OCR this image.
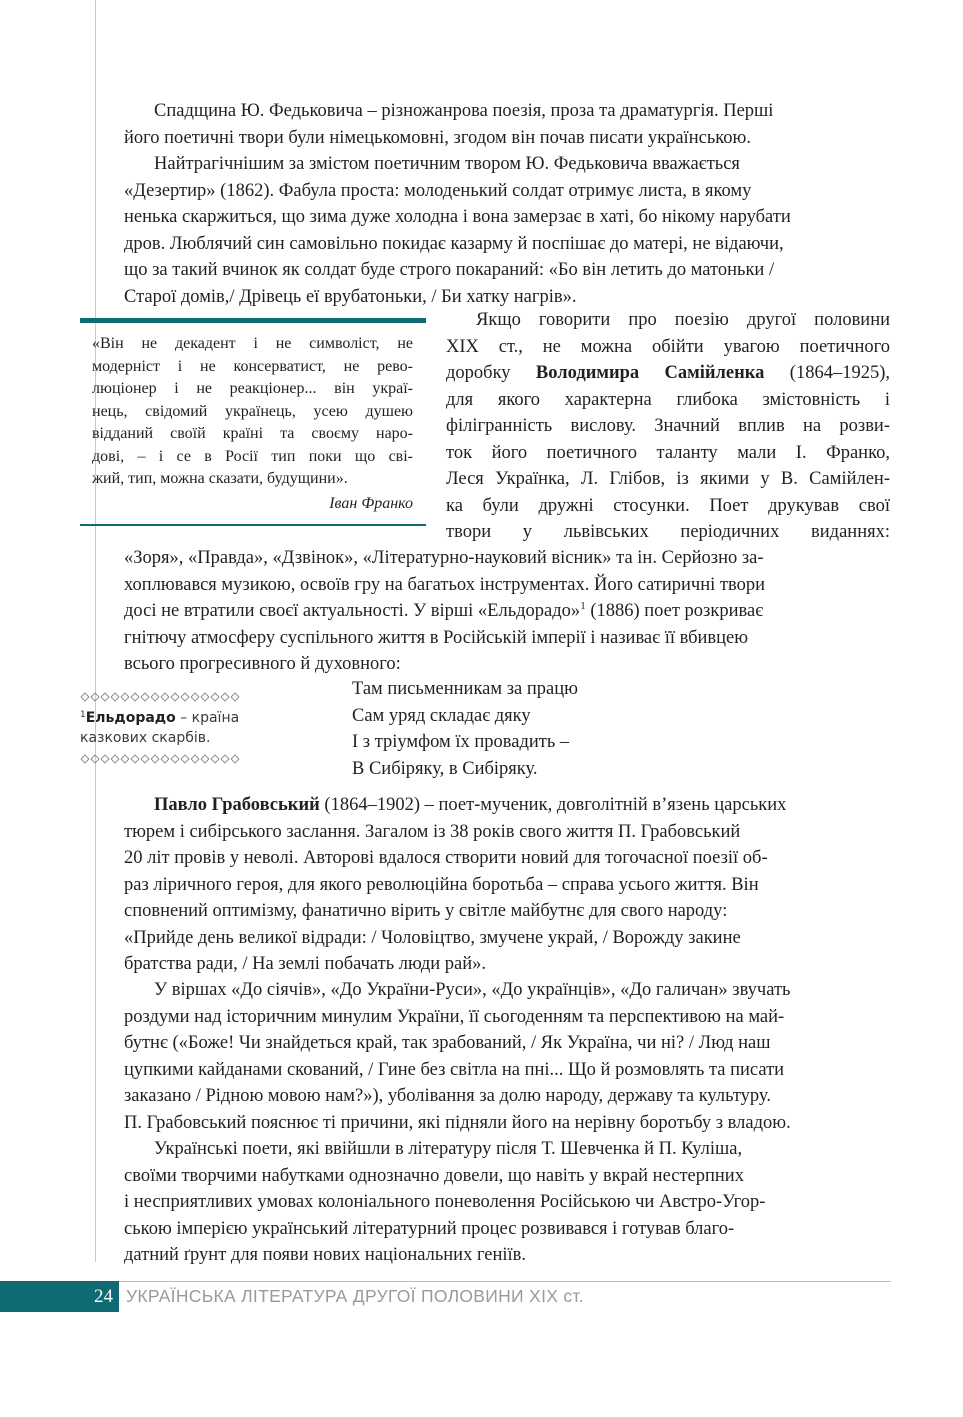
Спадщина Ю. Федьковича – різножанрова поезія, проза та драматургія. Перші
його поетичні твори були німецькомовні, згодом він почав писати українською.
Найтрагічнішим за змістом поетичним твором Ю. Федьковича вважається
«Дезертир» (1862). Фабула проста: молоденький солдат отримує листа, в якому
ненька скаржиться, що зима дуже холодна і вона замерзає в хаті, бо нікому нарубати
дров. Люблячий син самовільно покидає казарму й поспішає до матері, не відаючи,
що за такий вчинок як солдат буде строго покараний: «Бо він летить до матоньки /
Старої домів,/ Дрівець еї врубатоньки, / Би хатку нагрів».
«Він не декадент і не символіст, не
модерніст і не консерватист, не рево-
люціонер і не реакціонер... він украї-
нець, свідомий українець, усею душею
відданий своїй країні та своєму наро-
дові, – і се в Росії тип поки що сві-
жий, тип, можна сказати, будущини».
Іван Франко
Якщо говорити про поезію другої половини
XIX ст., не можна обійти увагою поетичного
доробку Володимира Самійленка (1864–1925),
для якого характерна глибока змістовність і
філігранність вислову. Значний вплив на розви-
ток його поетичного таланту мали І. Франко,
Леся Українка, Л. Глібов, із якими у В. Самійлен-
ка були дружні стосунки. Поет друкував свої
твори у львівських періодичних виданнях:
«Зоря», «Правда», «Дзвінок», «Літературно-науковий вісник» та ін. Серйозно за-
хоплювався музикою, освоїв гру на багатьох інструментах. Його сатиричні твори
досі не втратили своєї актуальності. У вірші «Ельдорадо»$^1$ (1886) поет розкриває
гнітючу атмосферу суспільного життя в Російській імперії і називає її вбивцею
всього прогресивного й духовного:
$^1$Ельдорадо – країна казкових скарбів.
Там письменникам за працю
Сам уряд складає дяку
І з тріумфом їх провадить –
В Сибіряку, в Сибіряку.
Павло Грабовський (1864–1902) – поет-мученик, довголітній в’язень царських
тюрем і сибірського заслання. Загалом із 38 років свого життя П. Грабовський
20 літ провів у неволі. Авторові вдалося створити новий для тогочасної поезії об-
раз ліричного героя, для якого революційна боротьба – справа усього життя. Він
сповнений оптимізму, фанатично вірить у світле майбутнє для свого народу:
«Прийде день великої відради: / Чоловіцтво, змучене украй, / Ворожду закине
братства ради, / На землі побачать люди рай».
У віршах «До сіячів», «До України-Руси», «До українців», «До галичан» звучать
роздуми над історичним минулим України, її сьогоденням та перспективою на май-
бутнє («Боже! Чи знайдеться край, так зрабований, / Як Україна, чи ні? / Люд наш
цупкими кайданами скований, / Гине без світла на пні... Що й розмовлять та писати
заказано / Рідною мовою нам?»), уболівання за долю народу, державу та культуру.
П. Грабовський пояснює ті причини, які підняли його на нерівну боротьбу з владою.
Українські поети, які ввійшли в літературу після Т. Шевченка й П. Куліша,
своїми творчими набутками однозначно довели, що навіть у вкрай нестерпних
і несприятливих умовах колоніального поневолення Російською чи Австро-Угор-
ською імперією український літературний процес розвивався і готував благо-
датний ґрунт для появи нових національних геніїв.
24 УКРАЇНСЬКА ЛІТЕРАТУРА ДРУГОЇ ПОЛОВИНИ XIX ст.
